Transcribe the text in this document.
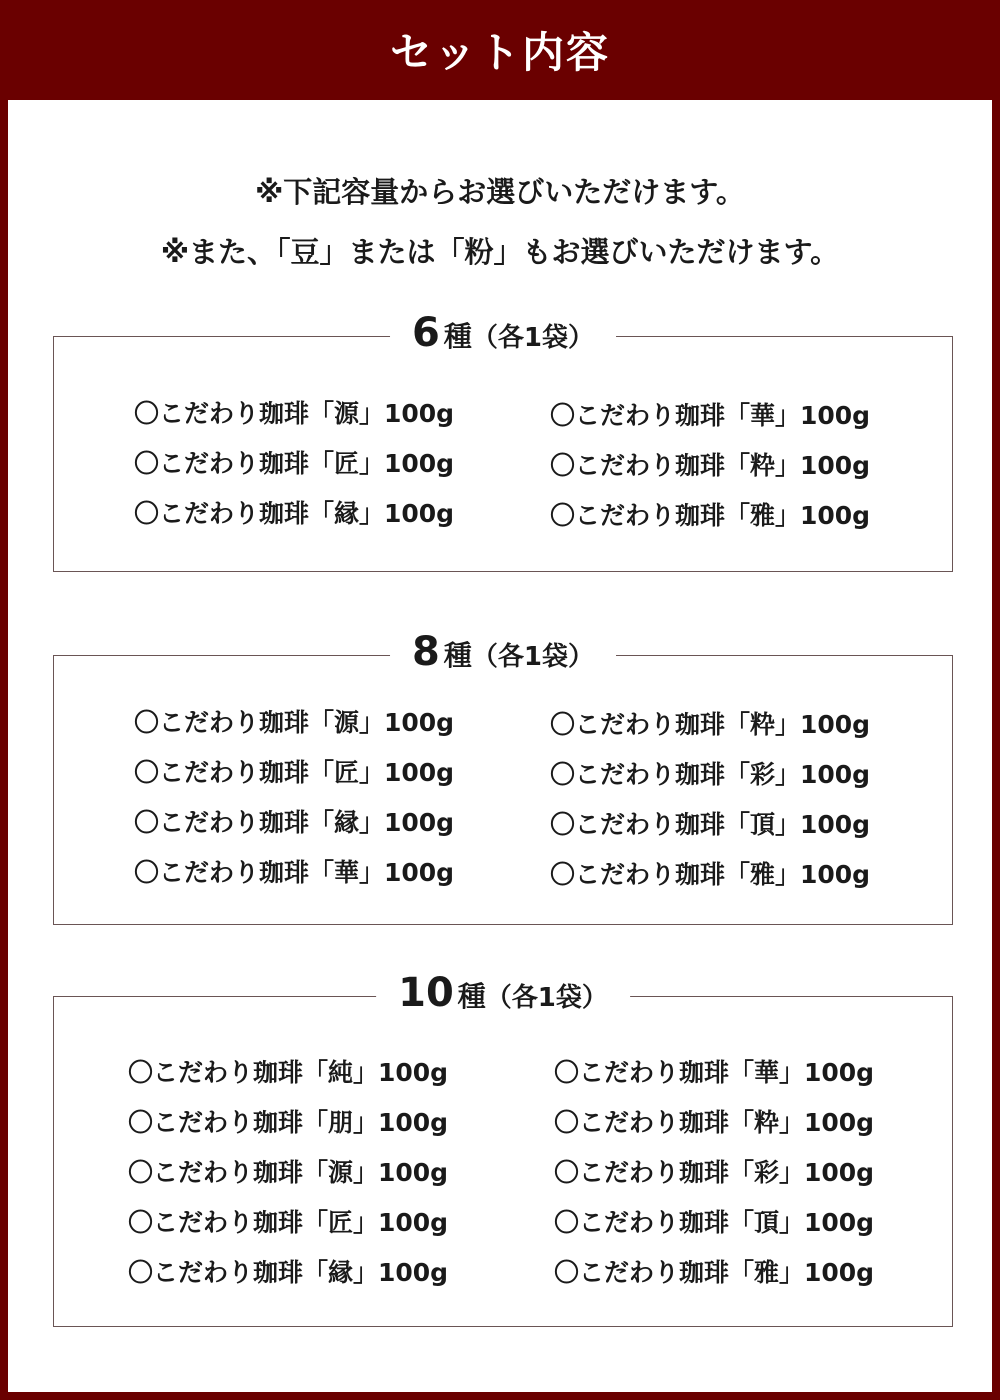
セット内容
※下記容量からお選びいただけます。
※また、「豆」または「粉」もお選びいただけます。
6 種 （各1袋）
〇こだわり珈琲「源」100g
〇こだわり珈琲「匠」100g
〇こだわり珈琲「縁」100g
〇こだわり珈琲「華」100g
〇こだわり珈琲「粋」100g
〇こだわり珈琲「雅」100g
8 種 （各1袋）
〇こだわり珈琲「源」100g
〇こだわり珈琲「匠」100g
〇こだわり珈琲「縁」100g
〇こだわり珈琲「華」100g
〇こだわり珈琲「粋」100g
〇こだわり珈琲「彩」100g
〇こだわり珈琲「頂」100g
〇こだわり珈琲「雅」100g
10 種 （各1袋）
〇こだわり珈琲「純」100g
〇こだわり珈琲「朋」100g
〇こだわり珈琲「源」100g
〇こだわり珈琲「匠」100g
〇こだわり珈琲「縁」100g
〇こだわり珈琲「華」100g
〇こだわり珈琲「粋」100g
〇こだわり珈琲「彩」100g
〇こだわり珈琲「頂」100g
〇こだわり珈琲「雅」100g
